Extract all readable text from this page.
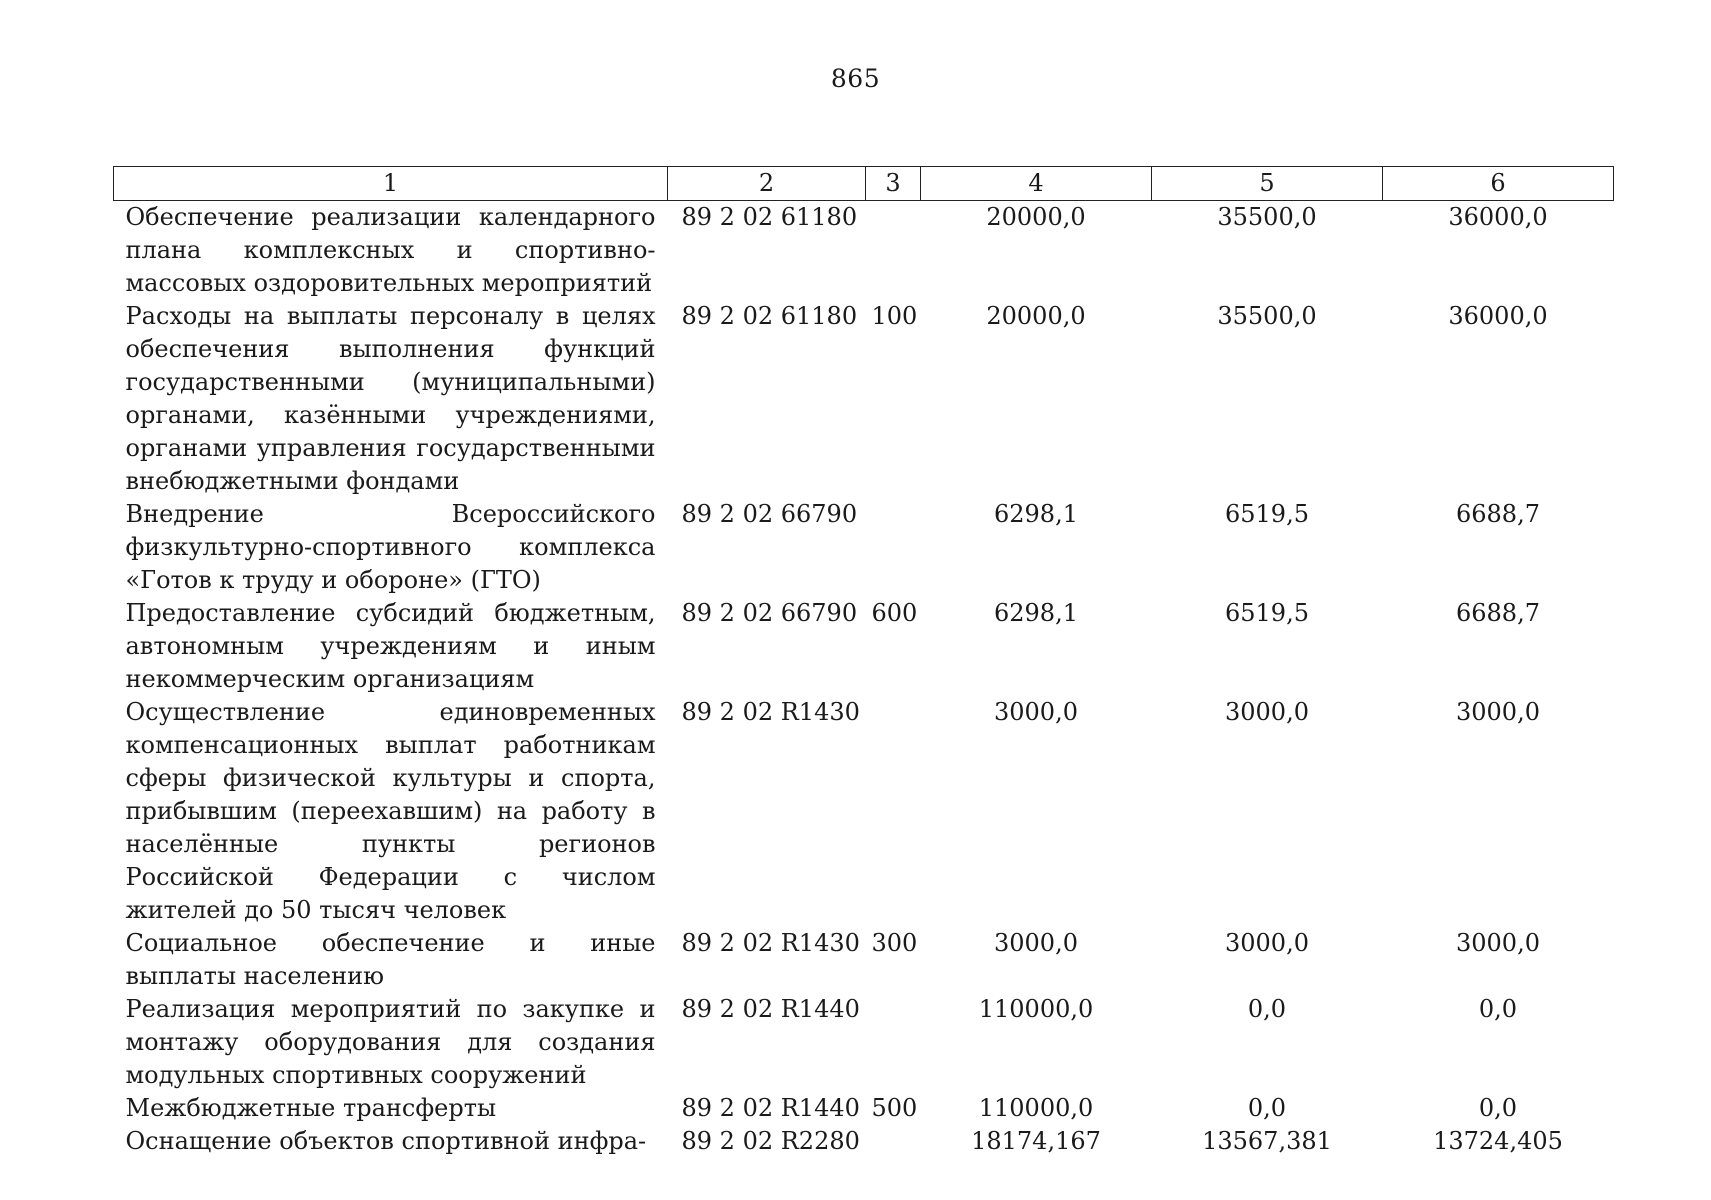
865
1	2	3	4	5	6
Обеспечение реализации календарного плана комплексных и спортивно-массовых оздоровительных мероприятий	89 2 02 61180		20000,0	35500,0	36000,0
Расходы на выплаты персоналу в целях обеспечения выполнения функций государственными (муниципальными) органами, казёнными учреждениями, органами управления государственными внебюджетными фондами	89 2 02 61180	100	20000,0	35500,0	36000,0
Внедрение Всероссийского физкультурно-спортивного комплекса «Готов к труду и обороне» (ГТО)	89 2 02 66790		6298,1	6519,5	6688,7
Предоставление субсидий бюджетным, автономным учреждениям и иным некоммерческим организациям	89 2 02 66790	600	6298,1	6519,5	6688,7
Осуществление единовременных компенсационных выплат работникам сферы физической культуры и спорта, прибывшим (переехавшим) на работу в населённые пункты регионов Российской Федерации с числом жителей до 50 тысяч человек	89 2 02 R1430		3000,0	3000,0	3000,0
Социальное обеспечение и иные выплаты населению	89 2 02 R1430	300	3000,0	3000,0	3000,0
Реализация мероприятий по закупке и монтажу оборудования для создания модульных спортивных сооружений	89 2 02 R1440		110000,0	0,0	0,0
Межбюджетные трансферты	89 2 02 R1440	500	110000,0	0,0	0,0
Оснащение объектов спортивной инфра-	89 2 02 R2280		18174,167	13567,381	13724,405
